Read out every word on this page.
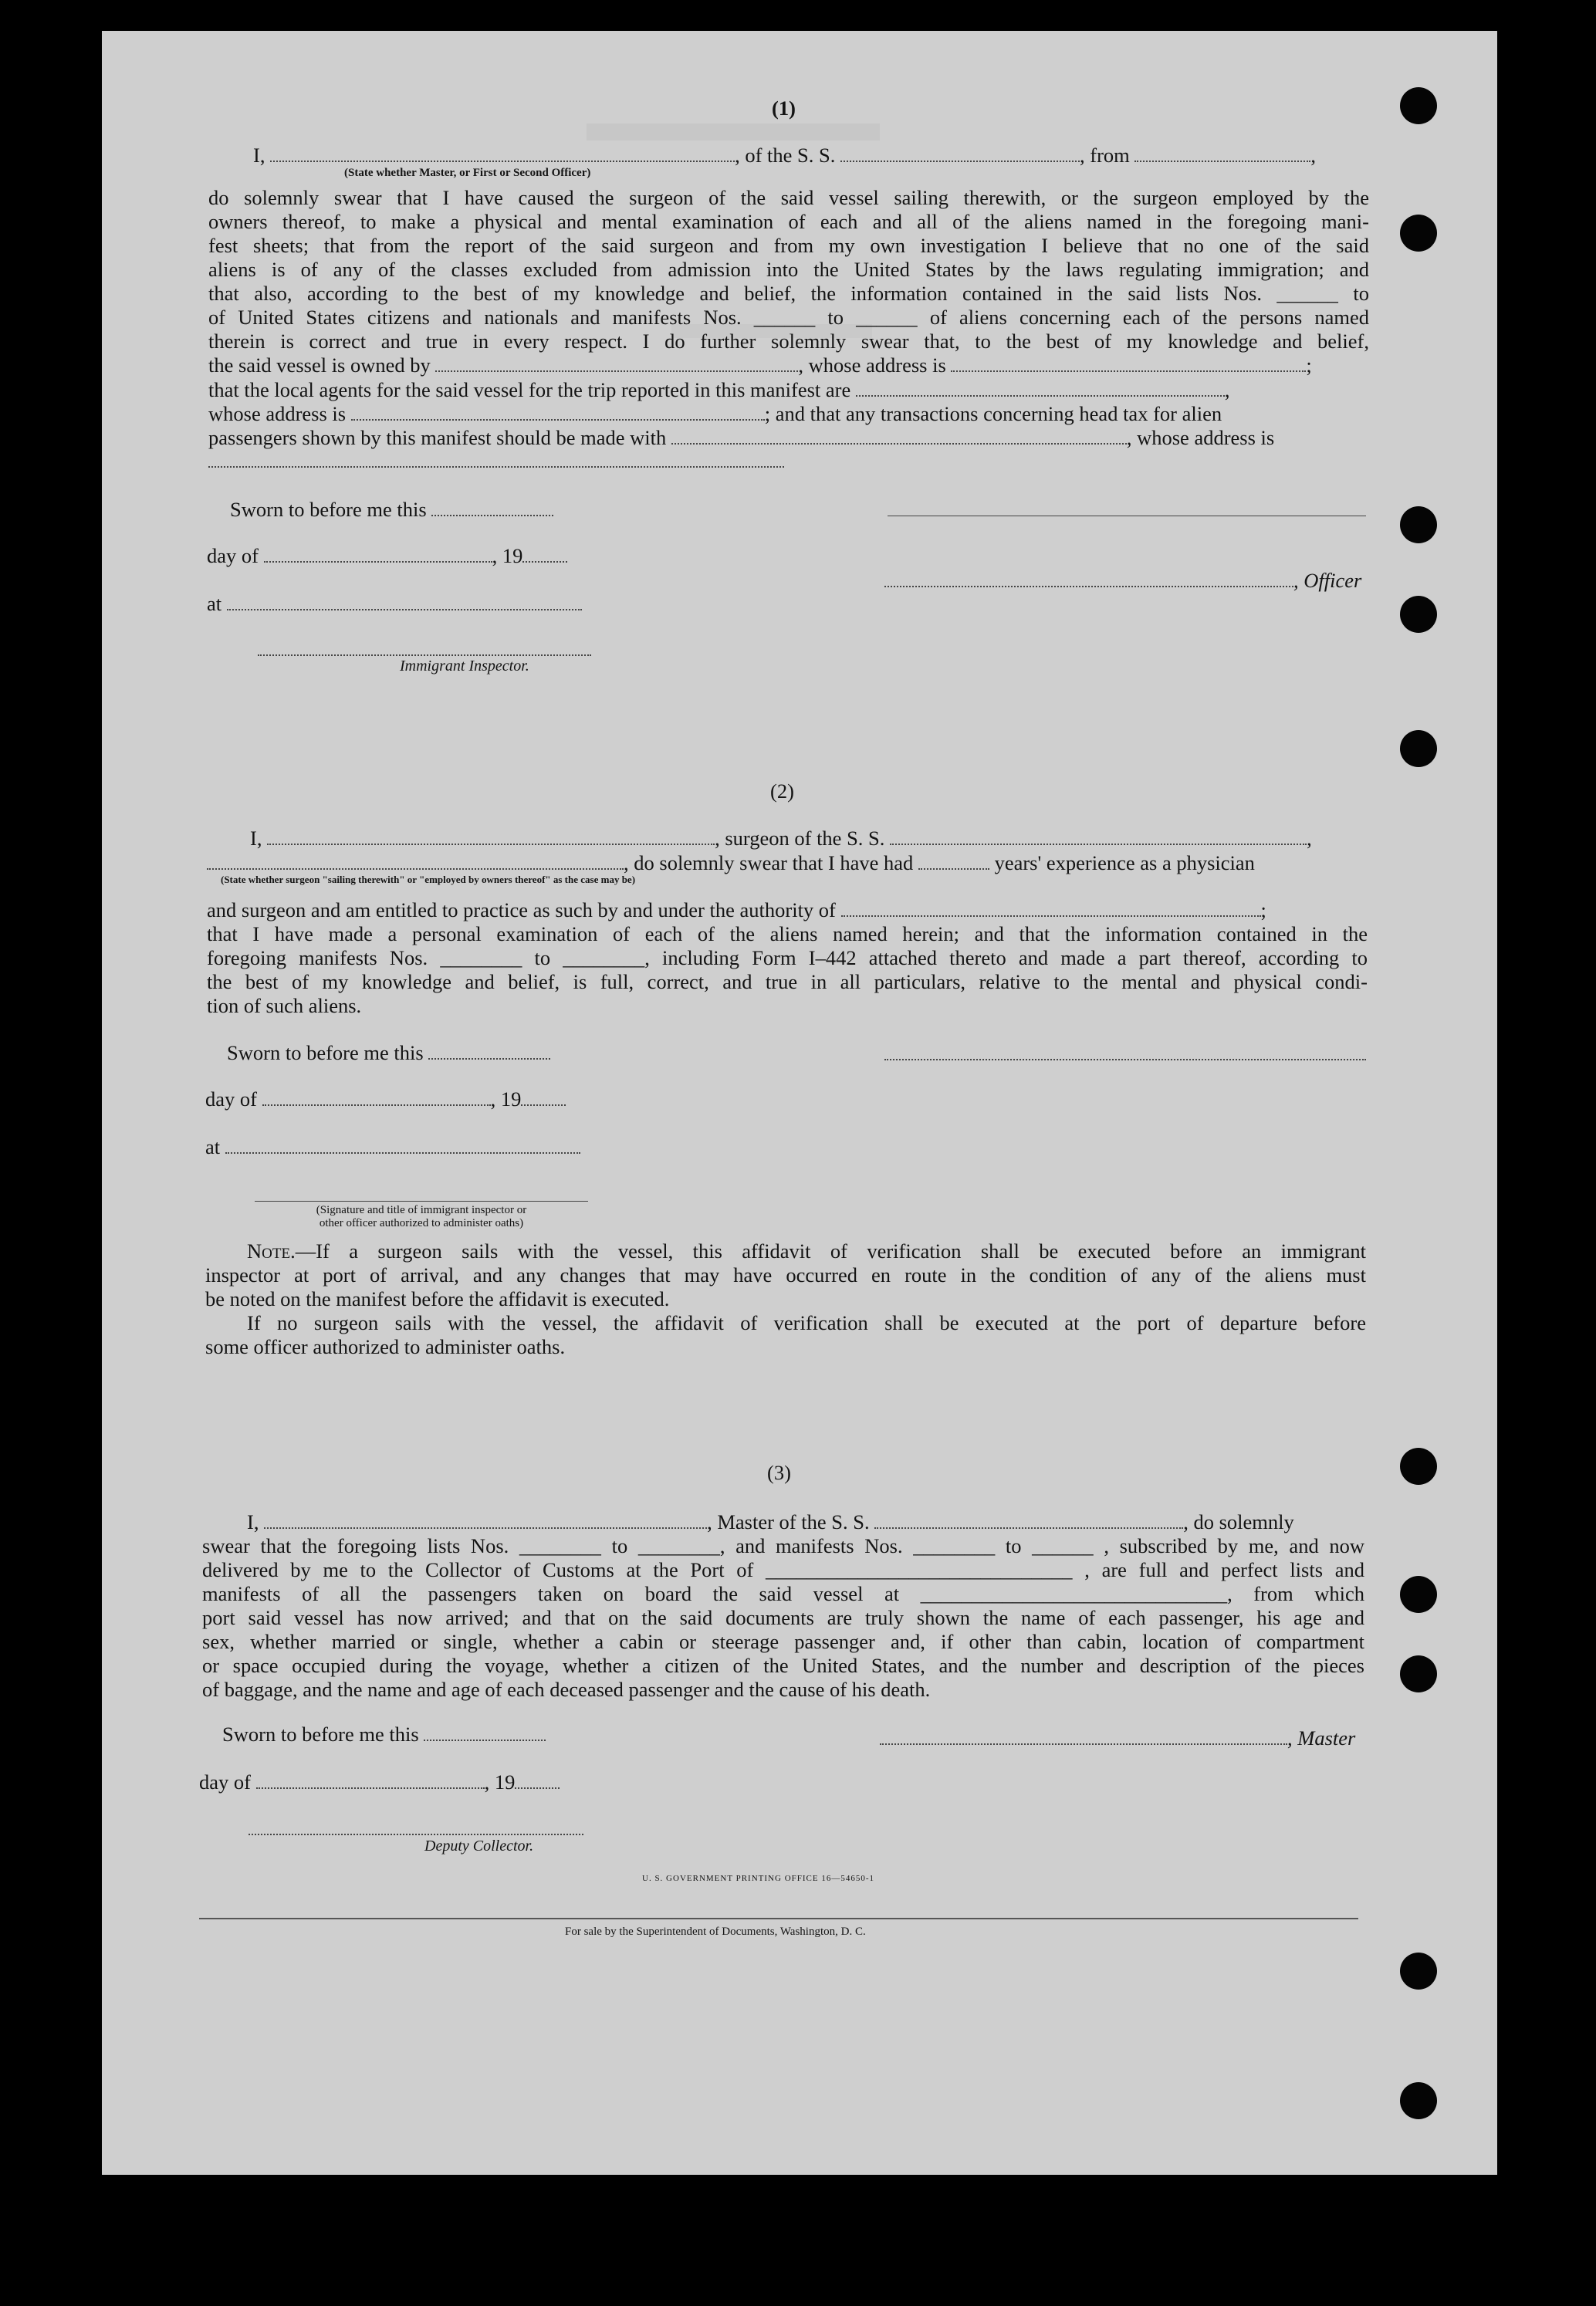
(1)
I,	, of the S. S.	, from	,
(State whether Master, or First or Second Officer)
do solemnly swear that I have caused the surgeon of the said vessel sailing therewith, or the surgeon employed by the
owners thereof, to make a physical and mental examination of each and all of the aliens named in the foregoing mani-
fest sheets; that from the report of the said surgeon and from my own investigation I believe that no one of the said
aliens is of any of the classes excluded from admission into the United States by the laws regulating immigration; and
that also, according to the best of my knowledge and belief, the information contained in the said lists Nos. ______ to
of United States citizens and nationals and manifests Nos. ______ to ______ of aliens concerning each of the persons named
therein is correct and true in every respect. I do further solemnly swear that, to the best of my knowledge and belief,
the said vessel is owned by	, whose address is	;
that the local agents for the said vessel for the trip reported in this manifest are	,
whose address is	; and that any transactions concerning head tax for alien
passengers shown by this manifest should be made with	, whose address is
Sworn to before me this
day of	, 19
, Officer
at
Immigrant Inspector.
(2)
I,	, surgeon of the S. S.	,
, do solemnly swear that I have had	years' experience as a physician
(State whether surgeon "sailing therewith" or "employed by owners thereof" as the case may be)
and surgeon and am entitled to practice as such by and under the authority of	;
that I have made a personal examination of each of the aliens named herein; and that the information contained in the
foregoing manifests Nos. ________ to ________, including Form I–442 attached thereto and made a part thereof, according to
the best of my knowledge and belief, is full, correct, and true in all particulars, relative to the mental and physical condi-
tion of such aliens.
Sworn to before me this
day of	, 19
at
(Signature and title of immigrant inspector or
other officer authorized to administer oaths)
Note.—If a surgeon sails with the vessel, this affidavit of verification shall be executed before an immigrant
inspector at port of arrival, and any changes that may have occurred en route in the condition of any of the aliens must
be noted on the manifest before the affidavit is executed.
If no surgeon sails with the vessel, the affidavit of verification shall be executed at the port of departure before
some officer authorized to administer oaths.
(3)
I,	, Master of the S. S.	, do solemnly
swear that the foregoing lists Nos. ________ to ________, and manifests Nos. ________ to ______ , subscribed by me, and now
delivered by me to the Collector of Customs at the Port of ______________________________ , are full and perfect lists and
manifests of all the passengers taken on board the said vessel at ______________________________, from which
port said vessel has now arrived; and that on the said documents are truly shown the name of each passenger, his age and
sex, whether married or single, whether a cabin or steerage passenger and, if other than cabin, location of compartment
or space occupied during the voyage, whether a citizen of the United States, and the number and description of the pieces
of baggage, and the name and age of each deceased passenger and the cause of his death.
Sworn to before me this	, Master
day of	, 19
Deputy Collector.
U. S. GOVERNMENT PRINTING OFFICE 16—54650-1
For sale by the Superintendent of Documents, Washington, D. C.
